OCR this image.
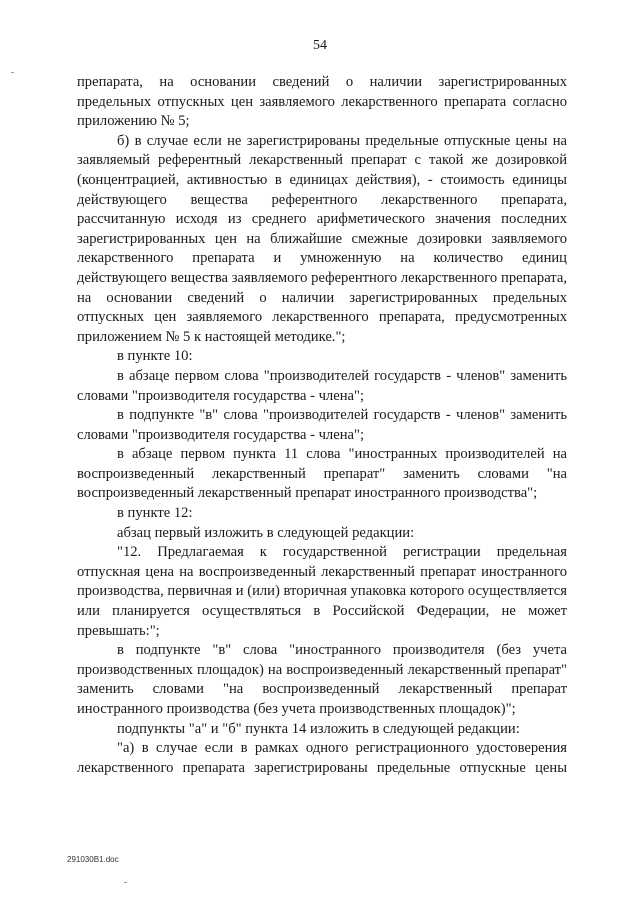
54

препарата, на основании сведений о наличии зарегистрированных предельных отпускных цен заявляемого лекарственного препарата согласно приложению № 5;

б) в случае если не зарегистрированы предельные отпускные цены на заявляемый референтный лекарственный препарат с такой же дозировкой (концентрацией, активностью в единицах действия), - стоимость единицы действующего вещества референтного лекарственного препарата, рассчитанную исходя из среднего арифметического значения последних зарегистрированных цен на ближайшие смежные дозировки заявляемого лекарственного препарата и умноженную на количество единиц действующего вещества заявляемого референтного лекарственного препарата, на основании сведений о наличии зарегистрированных предельных отпускных цен заявляемого лекарственного препарата, предусмотренных приложением № 5 к настоящей методике.";

в пункте 10:

в абзаце первом слова "производителей государств - членов" заменить словами "производителя государства - члена";

в подпункте "в" слова "производителей государств - членов" заменить словами "производителя государства - члена";

в абзаце первом пункта 11 слова "иностранных производителей на воспроизведенный лекарственный препарат" заменить словами "на воспроизведенный лекарственный препарат иностранного производства";

в пункте 12:

абзац первый изложить в следующей редакции:

"12. Предлагаемая к государственной регистрации предельная отпускная цена на воспроизведенный лекарственный препарат иностранного производства, первичная и (или) вторичная упаковка которого осуществляется или планируется осуществляться в Российской Федерации, не может превышать:";

в подпункте "в" слова "иностранного производителя (без учета производственных площадок) на воспроизведенный лекарственный препарат" заменить словами "на воспроизведенный лекарственный препарат иностранного производства (без учета производственных площадок)";

подпункты "а" и "б" пункта 14 изложить в следующей редакции:

"а) в случае если в рамках одного регистрационного удостоверения лекарственного препарата зарегистрированы предельные отпускные цены

291030B1.doc
